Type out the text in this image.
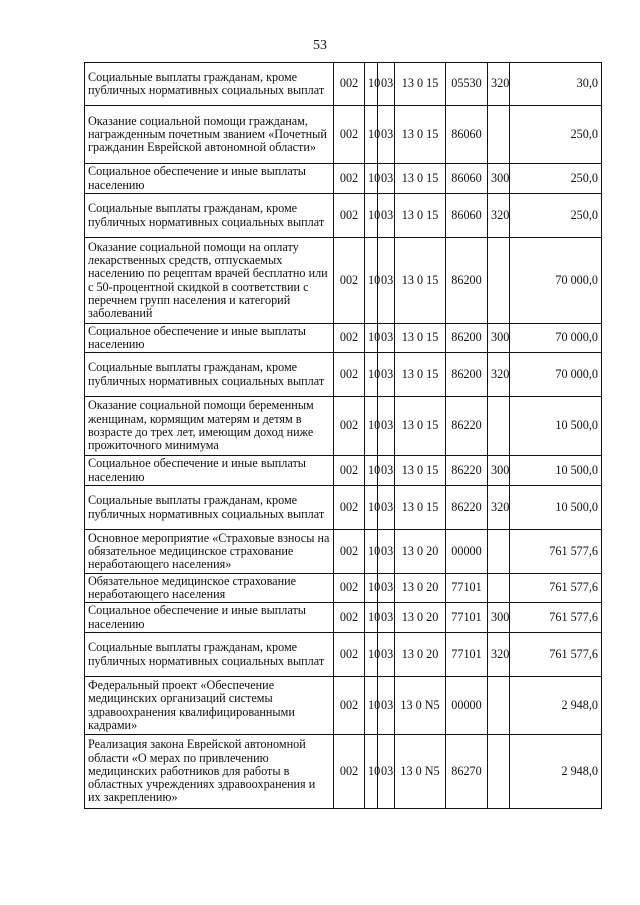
53
Социальные выплаты гражданам, кроме публичных нормативных социальных выплат	002	10	03	13 0 15	05530	320	30,0
Оказание социальной помощи гражданам, награжденным почетным званием «Почетный гражданин Еврейской автономной области»	002	10	03	13 0 15	86060		250,0
Социальное обеспечение и иные выплаты населению	002	10	03	13 0 15	86060	300	250,0
Социальные выплаты гражданам, кроме публичных нормативных социальных выплат	002	10	03	13 0 15	86060	320	250,0
Оказание социальной помощи на оплату лекарственных средств, отпускаемых населению по рецептам врачей бесплатно или с 50-процентной скидкой в соответствии с перечнем групп населения и категорий заболеваний	002	10	03	13 0 15	86200		70 000,0
Социальное обеспечение и иные выплаты населению	002	10	03	13 0 15	86200	300	70 000,0
Социальные выплаты гражданам, кроме публичных нормативных социальных выплат	002	10	03	13 0 15	86200	320	70 000,0
Оказание социальной помощи беременным женщинам, кормящим матерям и детям в возрасте до трех лет, имеющим доход ниже прожиточного минимума	002	10	03	13 0 15	86220		10 500,0
Социальное обеспечение и иные выплаты населению	002	10	03	13 0 15	86220	300	10 500,0
Социальные выплаты гражданам, кроме публичных нормативных социальных выплат	002	10	03	13 0 15	86220	320	10 500,0
Основное мероприятие «Страховые взносы на обязательное медицинское страхование неработающего населения»	002	10	03	13 0 20	00000		761 577,6
Обязательное медицинское страхование неработающего населения	002	10	03	13 0 20	77101		761 577,6
Социальное обеспечение и иные выплаты населению	002	10	03	13 0 20	77101	300	761 577,6
Социальные выплаты гражданам, кроме публичных нормативных социальных выплат	002	10	03	13 0 20	77101	320	761 577,6
Федеральный проект «Обеспечение медицинских организаций системы здравоохранения квалифицированными кадрами»	002	10	03	13 0 N5	00000		2 948,0
Реализация закона Еврейской автономной области «О мерах по привлечению медицинских работников для работы в областных учреждениях здравоохранения и их закреплению»	002	10	03	13 0 N5	86270		2 948,0
